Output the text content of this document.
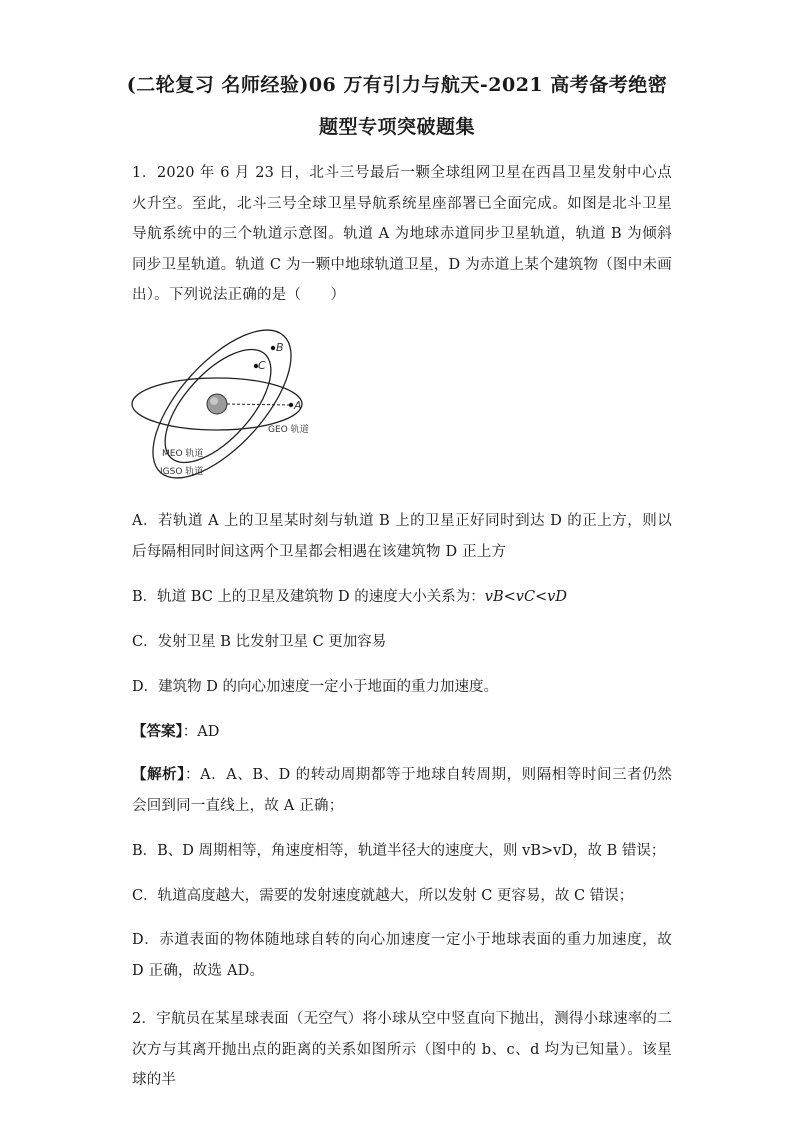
(二轮复习 名师经验)06 万有引力与航天-2021 高考备考绝密
题型专项突破题集
1．2020 年 6 月 23 日，北斗三号最后一颗全球组网卫星在西昌卫星发射中心点火升空。至此，北斗三号全球卫星导航系统星座部署已全面完成。如图是北斗卫星导航系统中的三个轨道示意图。轨道 A 为地球赤道同步卫星轨道，轨道 B 为倾斜同步卫星轨道。轨道 C 为一颗中地球轨道卫星，D 为赤道上某个建筑物（图中未画出）。下列说法正确的是（　　）
B
C
A
GEO 轨道
MEO 轨道
IGSO 轨道
A．若轨道 A 上的卫星某时刻与轨道 B 上的卫星正好同时到达 D 的正上方，则以后每隔相同时间这两个卫星都会相遇在该建筑物 D 正上方
B．轨道 BC 上的卫星及建筑物 D 的速度大小关系为：vB<vC<vD
C．发射卫星 B 比发射卫星 C 更加容易
D．建筑物 D 的向心加速度一定小于地面的重力加速度。
【答案】：AD
【解析】：A．A、B、D 的转动周期都等于地球自转周期，则隔相等时间三者仍然会回到同一直线上，故 A 正确；
B．B、D 周期相等，角速度相等，轨道半径大的速度大，则 vB>vD，故 B 错误；
C．轨道高度越大，需要的发射速度就越大，所以发射 C 更容易，故 C 错误；
D．赤道表面的物体随地球自转的向心加速度一定小于地球表面的重力加速度，故 D 正确，故选 AD。
2．宇航员在某星球表面（无空气）将小球从空中竖直向下抛出，测得小球速率的二次方与其离开抛出点的距离的关系如图所示（图中的 b、c、d 均为已知量）。该星球的半
